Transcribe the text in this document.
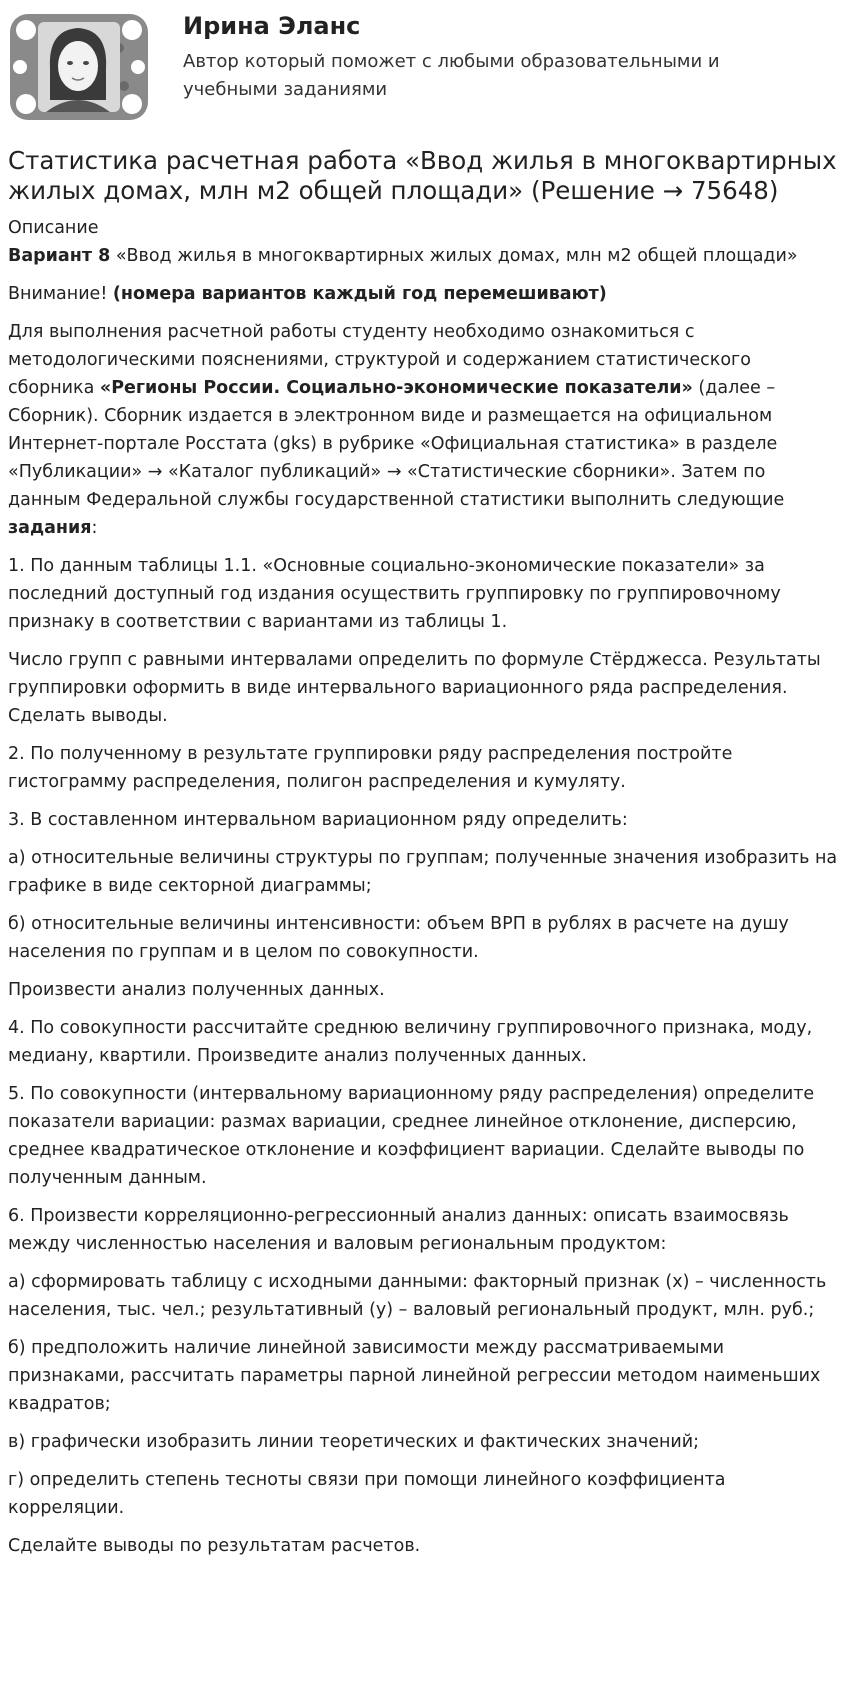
Ирина Эланс

Автор который поможет с любыми образовательными и учебными заданиями

Статистика расчетная работа «Ввод жилья в многоквартирных жилых домах, млн м2 общей площади» (Решение → 75648)

Описание

Вариант 8 «Ввод жилья в многоквартирных жилых домах, млн м2 общей площади»

Внимание! (номера вариантов каждый год перемешивают)

Для выполнения расчетной работы студенту необходимо ознакомиться с методологическими пояснениями, структурой и содержанием статистического сборника «Регионы России. Социально-экономические показатели» (далее – Сборник). Сборник издается в электронном виде и размещается на официальном Интернет-портале Росстата (gks) в рубрике «Официальная статистика» в разделе «Публикации» → «Каталог публикаций» → «Статистические сборники». Затем по данным Федеральной службы государственной статистики выполнить следующие задания:

1. По данным таблицы 1.1. «Основные социально-экономические показатели» за последний доступный год издания осуществить группировку по группировочному признаку в соответствии с вариантами из таблицы 1.

Число групп с равными интервалами определить по формуле Стёрджесса. Результаты группировки оформить в виде интервального вариационного ряда распределения. Сделать выводы.

2. По полученному в результате группировки ряду распределения постройте гистограмму распределения, полигон распределения и кумуляту.

3. В составленном интервальном вариационном ряду определить:

а) относительные величины структуры по группам; полученные значения изобразить на графике в виде секторной диаграммы;

б) относительные величины интенсивности: объем ВРП в рублях в расчете на душу населения по группам и в целом по совокупности.

Произвести анализ полученных данных.

4. По совокупности рассчитайте среднюю величину группировочного признака, моду, медиану, квартили. Произведите анализ полученных данных.

5. По совокупности (интервальному вариационному ряду распределения) определите показатели вариации: размах вариации, среднее линейное отклонение, дисперсию, среднее квадратическое отклонение и коэффициент вариации. Сделайте выводы по полученным данным.

6. Произвести корреляционно-регрессионный анализ данных: описать взаимосвязь между численностью населения и валовым региональным продуктом:

а) сформировать таблицу с исходными данными: факторный признак (x) – численность населения, тыс. чел.; результативный (y) – валовый региональный продукт, млн. руб.;

б) предположить наличие линейной зависимости между рассматриваемыми признаками, рассчитать параметры парной линейной регрессии методом наименьших квадратов;

в) графически изобразить линии теоретических и фактических значений;

г) определить степень тесноты связи при помощи линейного коэффициента корреляции.

Сделайте выводы по результатам расчетов.
